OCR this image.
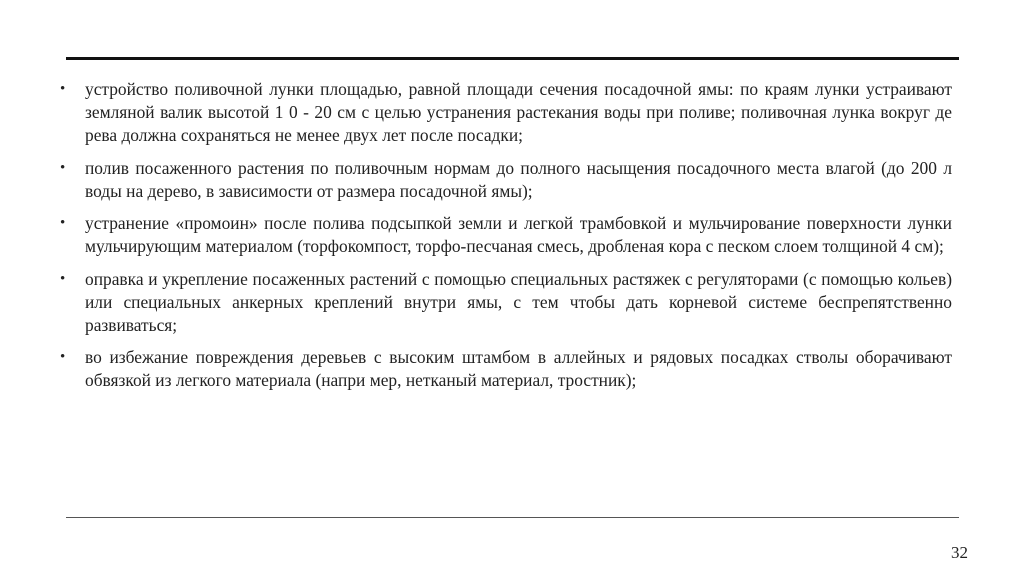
•	устройство поливочной лунки площадью, равной площади сечения посадочной ямы: по краям лунки устраивают земляной валик высотой 1 0 - 20 см с целью устранения растекания воды при поливе; поливочная лунка вокруг де рева должна сохраняться не менее двух лет после посадки;
•	полив посаженного растения по поливочным нормам до полного насыщения посадочного места влагой (до 200 л воды на дерево, в зависимости от размера посадочной ямы);
•	устранение «промоин» после полива подсыпкой земли и легкой трамбовкой и мульчирование поверхности лунки мульчирующим материалом (торфокомпост, торфо-песчаная смесь, дробленая кора с песком слоем толщиной 4 см);
•	оправка и укрепление посаженных растений с помощью специальных растяжек с регуляторами (с помощью кольев) или специальных анкерных креплений внутри ямы, с тем чтобы дать корневой системе беспрепятственно развиваться;
•	во избежание повреждения деревьев с высоким штамбом в аллейных и рядовых посадках стволы оборачивают обвязкой из легкого материала (напри мер, нетканый материал, тростник);
32
